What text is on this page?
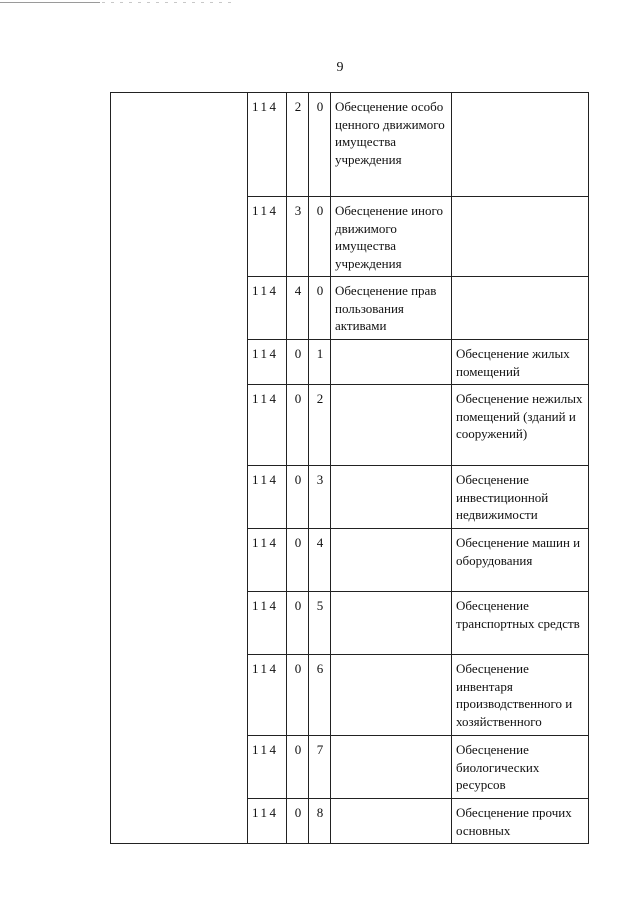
9
	114	2	0	Обесценение особо ценного движимого имущества учреждения	
	114	3	0	Обесценение иного движимого имущества учреждения	
	114	4	0	Обесценение прав пользования активами	
	114	0	1		Обесценение жилых помещений
	114	0	2		Обесценение нежилых помещений (зданий и сооружений)
	114	0	3		Обесценение инвестиционной недвижимости
	114	0	4		Обесценение машин и оборудования
	114	0	5		Обесценение транспортных средств
	114	0	6		Обесценение инвентаря производственного и хозяйственного
	114	0	7		Обесценение биологических ресурсов
	114	0	8		Обесценение прочих основных
